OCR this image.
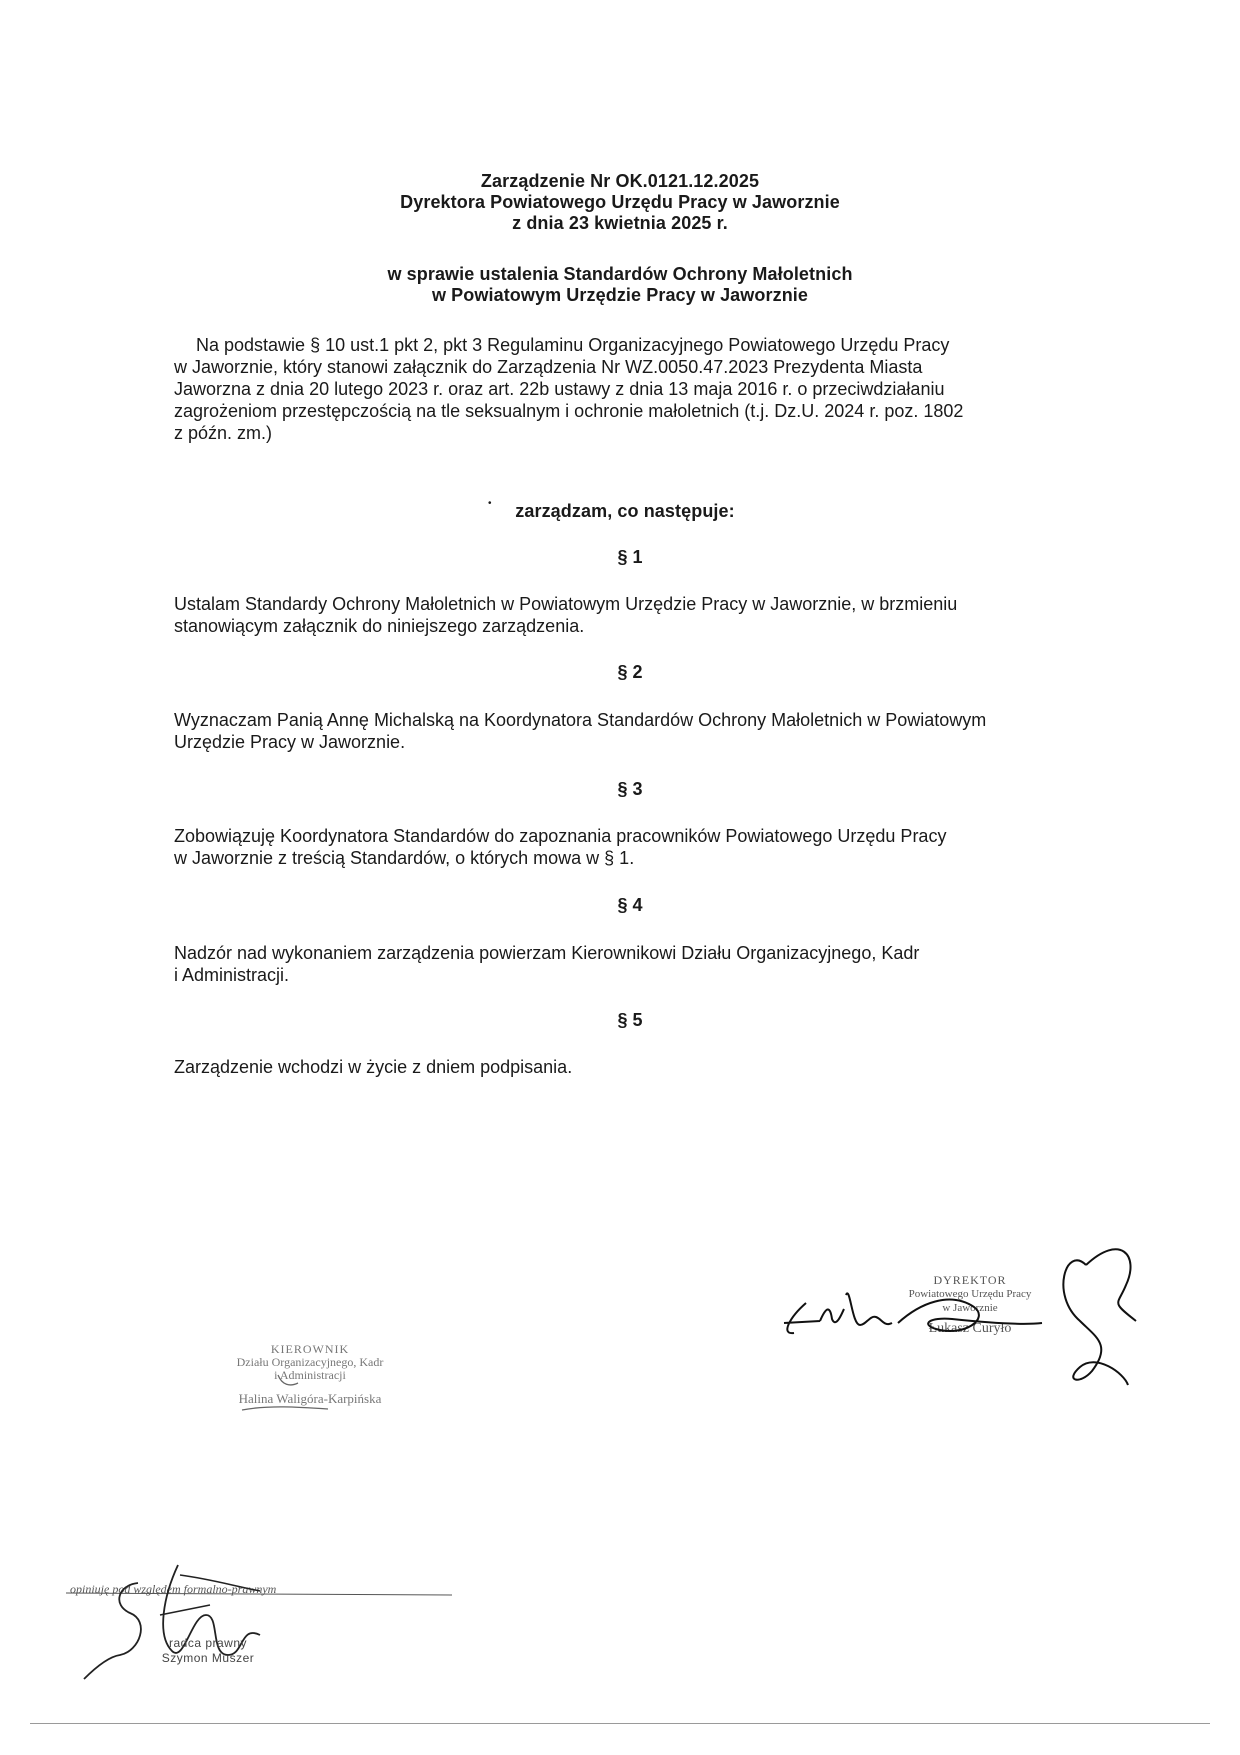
Zarządzenie Nr OK.0121.12.2025
Dyrektora Powiatowego Urzędu Pracy w Jaworznie
z dnia 23 kwietnia 2025 r.
w sprawie ustalenia Standardów Ochrony Małoletnich
w Powiatowym Urzędzie Pracy w Jaworznie
Na podstawie § 10 ust.1 pkt 2, pkt 3 Regulaminu Organizacyjnego Powiatowego Urzędu Pracy
w Jaworznie, który stanowi załącznik do Zarządzenia Nr WZ.0050.47.2023 Prezydenta Miasta
Jaworzna z dnia 20 lutego 2023 r. oraz art. 22b ustawy z dnia 13 maja 2016 r. o przeciwdziałaniu
zagrożeniom przestępczością na tle seksualnym i ochronie małoletnich (t.j. Dz.U. 2024 r. poz. 1802
z późn. zm.)
•	zarządzam, co następuje:
§ 1
Ustalam Standardy Ochrony Małoletnich w Powiatowym Urzędzie Pracy w Jaworznie, w brzmieniu
stanowiącym załącznik do niniejszego zarządzenia.
§ 2
Wyznaczam Panią Annę Michalską na Koordynatora Standardów Ochrony Małoletnich w Powiatowym
Urzędzie Pracy w Jaworznie.
§ 3
Zobowiązuję Koordynatora Standardów do zapoznania pracowników Powiatowego Urzędu Pracy
w Jaworznie z treścią Standardów, o których mowa w § 1.
§ 4
Nadzór nad wykonaniem zarządzenia powierzam Kierownikowi Działu Organizacyjnego, Kadr
i Administracji.
§ 5
Zarządzenie wchodzi w życie z dniem podpisania.
DYREKTOR
Powiatowego Urzędu Pracy
w Jaworznie
Łukasz Curyło
KIEROWNIK
Działu Organizacyjnego, Kadr
i Administracji
Halina Waligóra-Karpińska
opiniuję pod względem formalno-prawnym
radca prawny
Szymon Muszer
